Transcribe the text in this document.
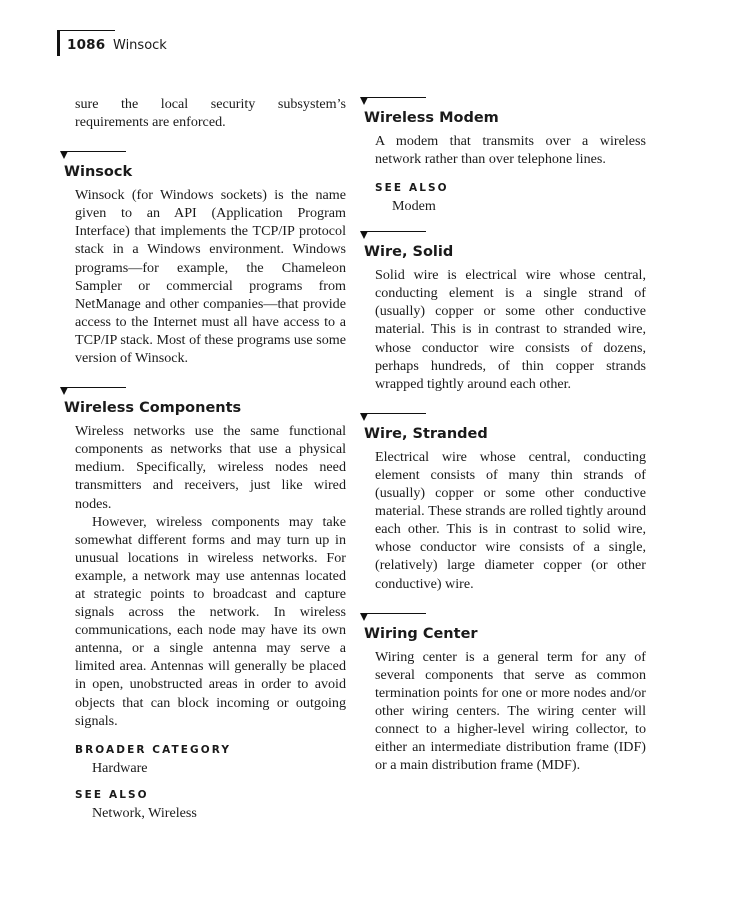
1086 Winsock

sure the local security subsystem’s requirements are enforced.

Winsock

Winsock (for Windows sockets) is the name given to an API (Application Program Interface) that implements the TCP/IP protocol stack in a Windows environment. Windows programs—for example, the Chameleon Sampler or commercial programs from NetManage and other companies—that provide access to the Internet must all have access to a TCP/IP stack. Most of these programs use some version of Winsock.

Wireless Components

Wireless networks use the same functional components as networks that use a physical medium. Specifically, wireless nodes need transmitters and receivers, just like wired nodes.

However, wireless components may take somewhat different forms and may turn up in unusual locations in wireless networks. For example, a network may use antennas located at strategic points to broadcast and capture signals across the network. In wireless communications, each node may have its own antenna, or a single antenna may serve a limited area. Antennas will generally be placed in open, unobstructed areas in order to avoid objects that can block incoming or outgoing signals.

BROADER CATEGORY

Hardware

SEE ALSO

Network, Wireless

Wireless Modem

A modem that transmits over a wireless network rather than over telephone lines.

SEE ALSO

Modem

Wire, Solid

Solid wire is electrical wire whose central, conducting element is a single strand of (usually) copper or some other conductive material. This is in contrast to stranded wire, whose conductor wire consists of dozens, perhaps hundreds, of thin copper strands wrapped tightly around each other.

Wire, Stranded

Electrical wire whose central, conducting element consists of many thin strands of (usually) copper or some other conductive material. These strands are rolled tightly around each other. This is in contrast to solid wire, whose conductor wire consists of a single, (relatively) large diameter copper (or other conductive) wire.

Wiring Center

Wiring center is a general term for any of several components that serve as common termination points for one or more nodes and/or other wiring centers. The wiring center will connect to a higher-level wiring collector, to either an intermediate distribution frame (IDF) or a main distribution frame (MDF).
